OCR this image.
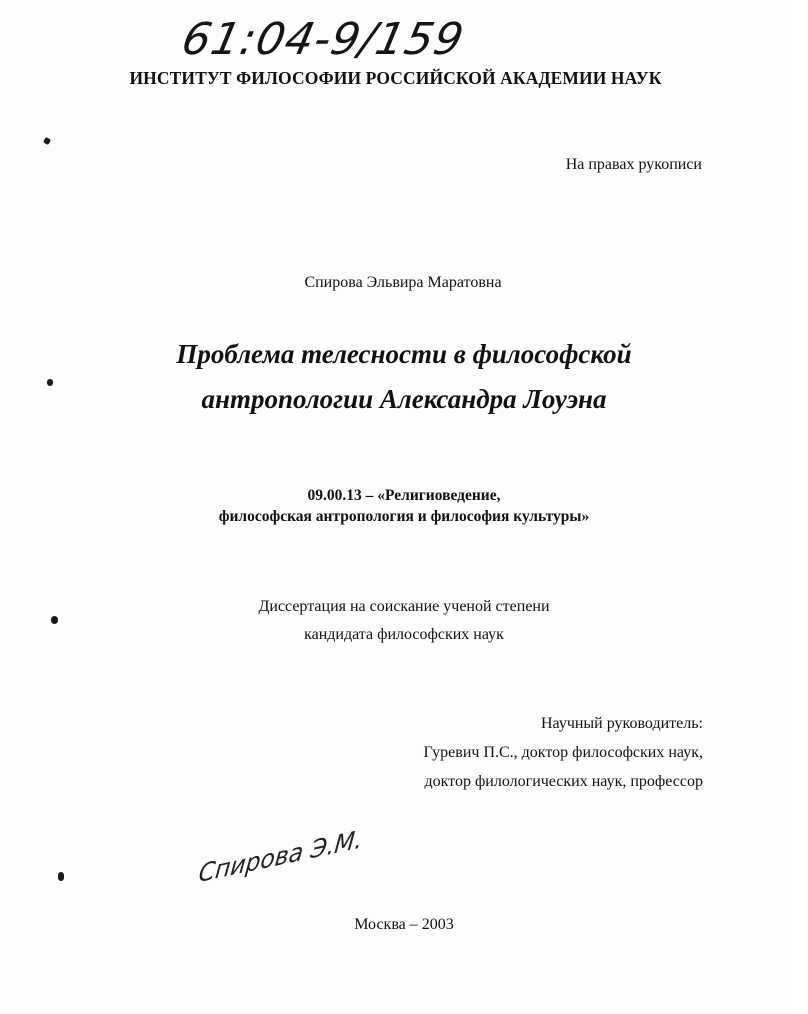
61:04-9/159
ИНСТИТУТ ФИЛОСОФИИ РОССИЙСКОЙ АКАДЕМИИ НАУК
На правах рукописи
Спирова Эльвира Маратовна
Проблема телесности в философской
антропологии Александра Лоуэна
09.00.13 – «Религиоведение,
философская антропология и философия культуры»
Диссертация на соискание ученой степени
кандидата философских наук
Научный руководитель:
Гуревич П.С., доктор философских наук,
доктор филологических наук, профессор
Спирова Э.М.
Москва – 2003
